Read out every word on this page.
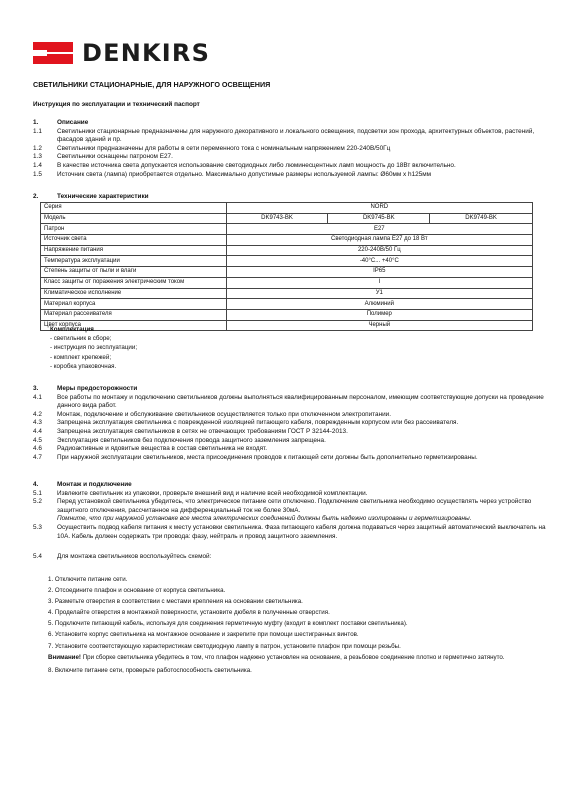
DENKIRS
СВЕТИЛЬНИКИ СТАЦИОНАРНЫЕ, ДЛЯ НАРУЖНОГО ОСВЕЩЕНИЯ
Инструкция по эксплуатации и технический паспорт
1.	Описание
1.1	Светильники стационарные предназначены для наружного декоративного и локального освещения, подсветки зон прохода, архитектурных объектов, растений, фасадов зданий и пр.
1.2	Светильники предназначены для работы в сети переменного тока с номинальным напряжением 220-240В/50Гц
1.3	Светильники оснащены патроном E27.
1.4	В качестве источника света допускается использование светодиодных либо люминесцентных ламп мощность до 18Вт включительно.
1.5	Источник света (лампа) приобретается отдельно. Максимально допустимые размеры используемой лампы: Ø60мм x h125мм
2.	Технические характеристики
Серия	NORD		
Модель	DK9743-BK	DK9745-BK	DK9749-BK
Патрон	E27		
Источник света	Светодиодная лампа E27 до 18 Вт		
Напряжение питания	220-240В/50 Гц		
Температура эксплуатации	-40°С... +40°С		
Степень защиты от пыли и влаги	IP65		
Класс защиты от поражения электрическим током	I		
Климатическое исполнение	У1		
Материал корпуса	Алюминий		
Материал рассеивателя	Полимер		
Цвет корпуса	Черный		
Комплектация
- светильник в сборе;
- инструкция по эксплуатации;
- комплект крепежей;
- коробка упаковочная.
3.	Меры предосторожности
4.1	Все работы по монтажу и подключению светильников должны выполняться квалифицированным персоналом, имеющим соответствующие допуски на проведение данного вида работ.
4.2	Монтаж, подключение и обслуживание светильников осуществляется только при отключенном электропитании.
4.3	Запрещена эксплуатация светильника с поврежденной изоляцией питающего кабеля, поврежденным корпусом или без рассеивателя.
4.4	Запрещена эксплуатация светильников в сетях не отвечающих требованиям ГОСТ Р 32144-2013.
4.5	Эксплуатация светильников без подключения провода защитного заземления запрещена.
4.6	Радиоактивные и ядовитые вещества в состав светильника не входят.
4.7	При наружной эксплуатации светильников, места присоединения проводов к питающей сети должны быть дополнительно герметизированы.
4.	Монтаж и подключение
5.1	Извлеките светильник из упаковки, проверьте внешний вид и наличие всей необходимой комплектации.
5.2	Перед установкой светильника убедитесь, что электрическое питание сети отключено. Подключение светильника необходимо осуществлять через устройство защитного отключения, рассчитанное на дифференциальный ток не более 30мА.
Помните, что при наружной установке все места электрических соединений должны быть надежно изолированы и герметизированы.
5.3	Осуществить подвод кабеля питания к месту установки светильника. Фаза питающего кабеля должна подаваться через защитный автоматический выключатель на 10А. Кабель должен содержать три провода: фазу, нейтраль и провод защитного заземления.
5.4	Для монтажа светильников воспользуйтесь схемой:
1. Отключите питание сети.
2. Отсоедините плафон и основание от корпуса светильника.
3. Разметьте отверстия в соответствии с местами крепления на основании светильника.
4. Проделайте отверстия в монтажной поверхности, установите дюбеля в полученные отверстия.
5. Подключите питающий кабель, используя для соединения герметичную муфту (входит в комплект поставки светильника).
6. Установите корпус светильника на монтажное основание и закрепите при помощи шестигранных винтов.
7. Установите соответствующую характеристикам светодиодную лампу в патрон, установите плафон при помощи резьбы.
Внимание! При сборке светильника убедитесь в том, что плафон надежно установлен на основание, а резьбовое соединение плотно и герметично затянуто.
8. Включите питание сети, проверьте работоспособность светильника.
